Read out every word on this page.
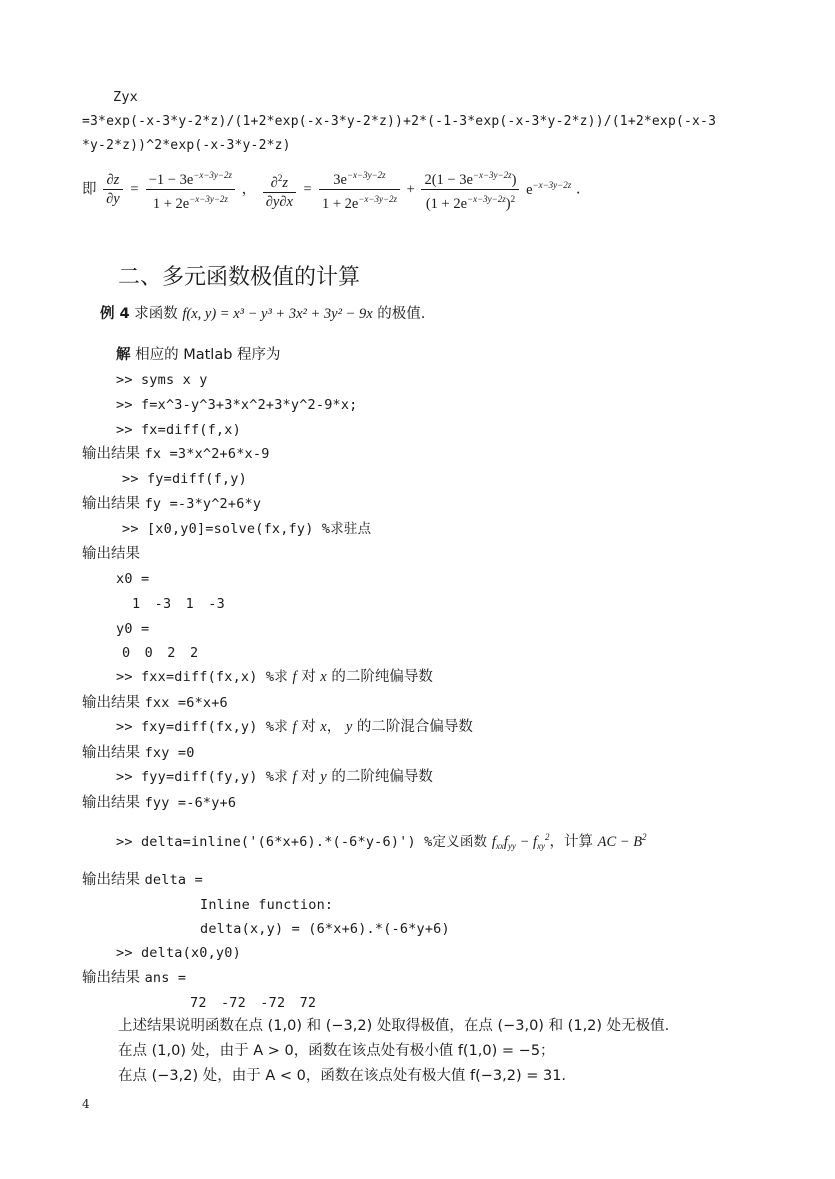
Zyx
=3*exp(-x-3*y-2*z)/(1+2*exp(-x-3*y-2*z))+2*(-1-3*exp(-x-3*y-2*z))/(1+2*exp(-x-3
*y-2*z))^2*exp(-x-3*y-2*z)
即 $\frac{\partial z}{\partial y} = \frac{-1 - 3e^{-x-3y-2z}}{1 + 2e^{-x-3y-2z}}$ ， $\frac{\partial^2z}{\partial y\partial x} = \frac{3e^{-x-3y-2z}}{1 + 2e^{-x-3y-2z}} + \frac{2(1 - 3e^{-x-3y-2z})}{(1 + 2e^{-x-3y-2z})^2} e^{-x-3y-2z}$ .
二、多元函数极值的计算
例 4 求函数 f(x, y) = x³ − y³ + 3x² + 3y² − 9x 的极值.
解 相应的 Matlab 程序为
>> syms x y
>> f=x^3-y^3+3*x^2+3*y^2-9*x;
>> fx=diff(f,x)
输出结果 fx =3*x^2+6*x-9
>> fy=diff(f,y)
输出结果 fy =-3*y^2+6*y
>> [x0,y0]=solve(fx,fy) %求驻点
输出结果
x0 =
1 -3 1 -3
y0 =
0 0 2 2
>> fxx=diff(fx,x) %求 f 对 x 的二阶纯偏导数
输出结果 fxx =6*x+6
>> fxy=diff(fx,y) %求 f 对 x， y 的二阶混合偏导数
输出结果 fxy =0
>> fyy=diff(fy,y) %求 f 对 y 的二阶纯偏导数
输出结果 fyy =-6*y+6
>> delta=inline('(6*x+6).*(-6*y-6)') %定义函数 $f_{xx}f_{yy} - f_{xy}^2$，计算 AC − $B^2$
输出结果 delta =
Inline function:
delta(x,y) = (6*x+6).*(-6*y+6)
>> delta(x0,y0)
输出结果 ans =
72 -72 -72 72
上述结果说明函数在点 (1,0) 和 (−3,2) 处取得极值，在点 (−3,0) 和 (1,2) 处无极值.
在点 (1,0) 处，由于 A > 0，函数在该点处有极小值 f(1,0) = −5；
在点 (−3,2) 处，由于 A < 0，函数在该点处有极大值 f(−3,2) = 31.
4
